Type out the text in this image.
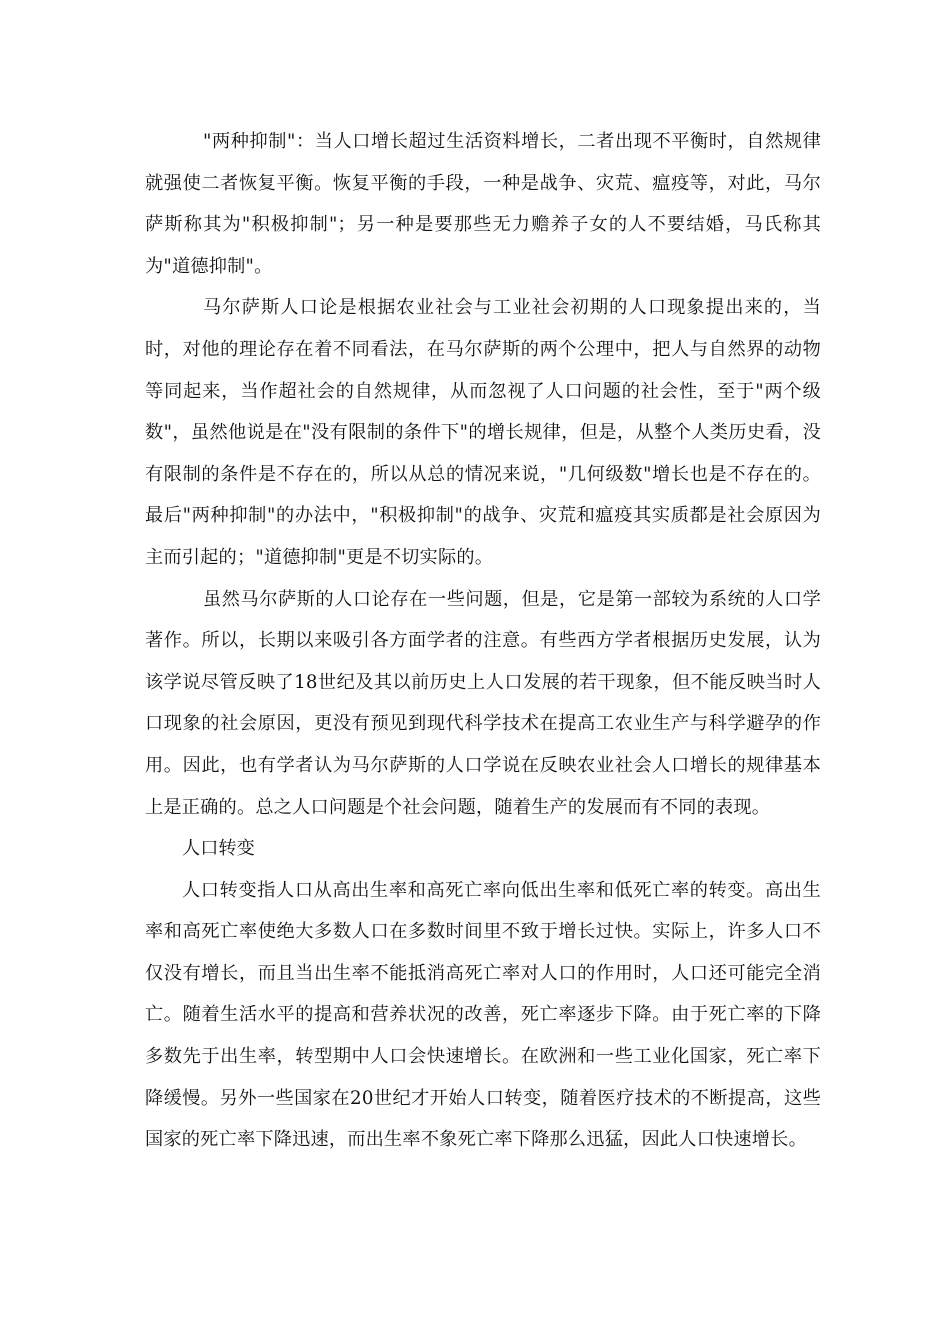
"两种抑制"：当人口增长超过生活资料增长，二者出现不平衡时，自然规律就强使二者恢复平衡。恢复平衡的手段，一种是战争、灾荒、瘟疫等，对此，马尔萨斯称其为"积极抑制"；另一种是要那些无力赡养子女的人不要结婚，马氏称其为"道德抑制"。

马尔萨斯人口论是根据农业社会与工业社会初期的人口现象提出来的，当时，对他的理论存在着不同看法，在马尔萨斯的两个公理中，把人与自然界的动物等同起来，当作超社会的自然规律，从而忽视了人口问题的社会性，至于"两个级数"，虽然他说是在"没有限制的条件下"的增长规律，但是，从整个人类历史看，没有限制的条件是不存在的，所以从总的情况来说，"几何级数"增长也是不存在的。最后"两种抑制"的办法中，"积极抑制"的战争、灾荒和瘟疫其实质都是社会原因为主而引起的；"道德抑制"更是不切实际的。

虽然马尔萨斯的人口论存在一些问题，但是，它是第一部较为系统的人口学著作。所以，长期以来吸引各方面学者的注意。有些西方学者根据历史发展，认为该学说尽管反映了18世纪及其以前历史上人口发展的若干现象，但不能反映当时人口现象的社会原因，更没有预见到现代科学技术在提高工农业生产与科学避孕的作用。因此，也有学者认为马尔萨斯的人口学说在反映农业社会人口增长的规律基本上是正确的。总之人口问题是个社会问题，随着生产的发展而有不同的表现。

人口转变

人口转变指人口从高出生率和高死亡率向低出生率和低死亡率的转变。高出生率和高死亡率使绝大多数人口在多数时间里不致于增长过快。实际上，许多人口不仅没有增长，而且当出生率不能抵消高死亡率对人口的作用时，人口还可能完全消亡。随着生活水平的提高和营养状况的改善，死亡率逐步下降。由于死亡率的下降多数先于出生率，转型期中人口会快速增长。在欧洲和一些工业化国家，死亡率下降缓慢。另外一些国家在20世纪才开始人口转变，随着医疗技术的不断提高，这些国家的死亡率下降迅速，而出生率不象死亡率下降那么迅猛，因此人口快速增长。
